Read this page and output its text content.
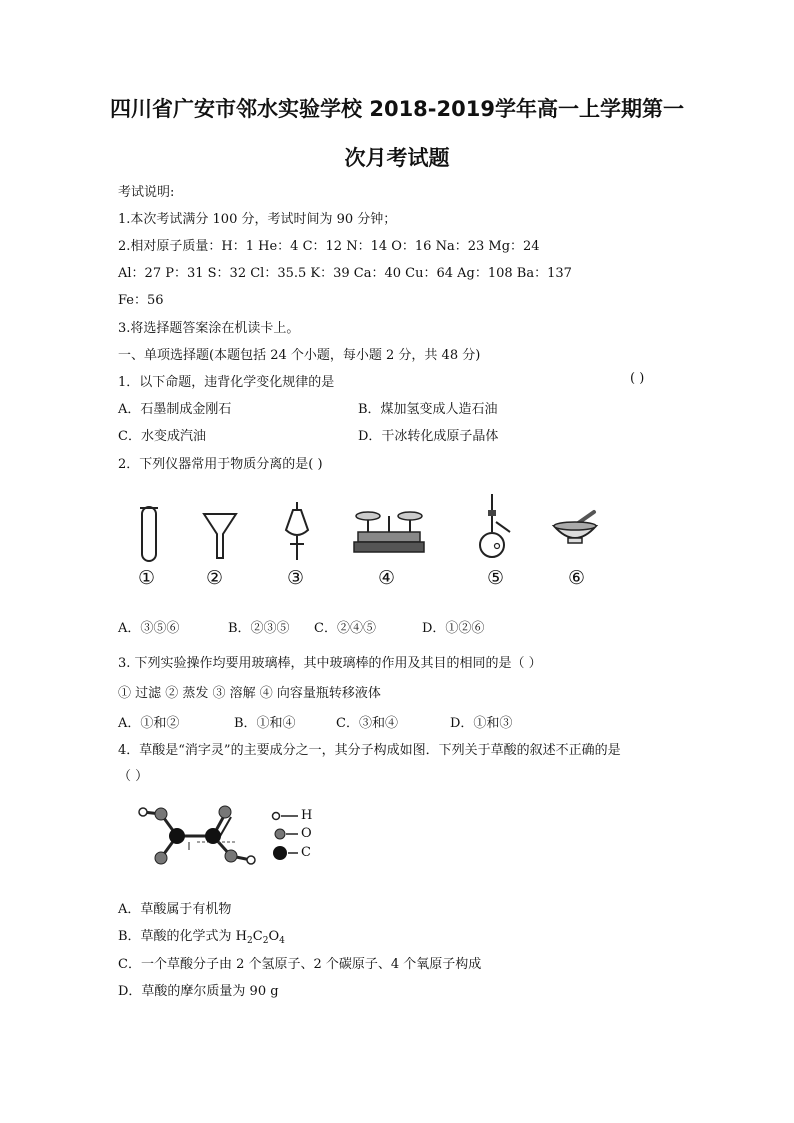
四川省广安市邻水实验学校 2018-2019学年高一上学期第一
次月考试题
考试说明:
1.本次考试满分 100 分，考试时间为 90 分钟；
2.相对原子质量：H：1 He：4 C：12 N：14 O：16 Na：23 Mg：24
Al：27 P：31 S：32 Cl：35.5 K：39 Ca：40 Cu：64 Ag：108 Ba：137
Fe：56
3.将选择题答案涂在机读卡上。
一、单项选择题(本题包括 24 个小题，每小题 2 分，共 48 分)
1．以下命题，违背化学变化规律的是	( )
A．石墨制成金刚石	B．煤加氢变成人造石油
C．水变成汽油	D．干冰转化成原子晶体
2．下列仪器常用于物质分离的是( )
①	②	③	④	⑤	⑥
A．③⑤⑥	B．②③⑤ C．②④⑤	D．①②⑥
3. 下列实验操作均要用玻璃棒，其中玻璃棒的作用及其目的相同的是（ ）
① 过滤 ② 蒸发 ③ 溶解 ④ 向容量瓶转移液体
A．①和②	B．①和④	C．③和④	D．①和③
4．草酸是“消字灵”的主要成分之一，其分子构成如图．下列关于草酸的叙述不正确的是
（ ）
H
O
C
A．草酸属于有机物
B．草酸的化学式为 $H_2C_2O_4$
C．一个草酸分子由 2 个氢原子、2 个碳原子、4 个氧原子构成
D．草酸的摩尔质量为 90 g
